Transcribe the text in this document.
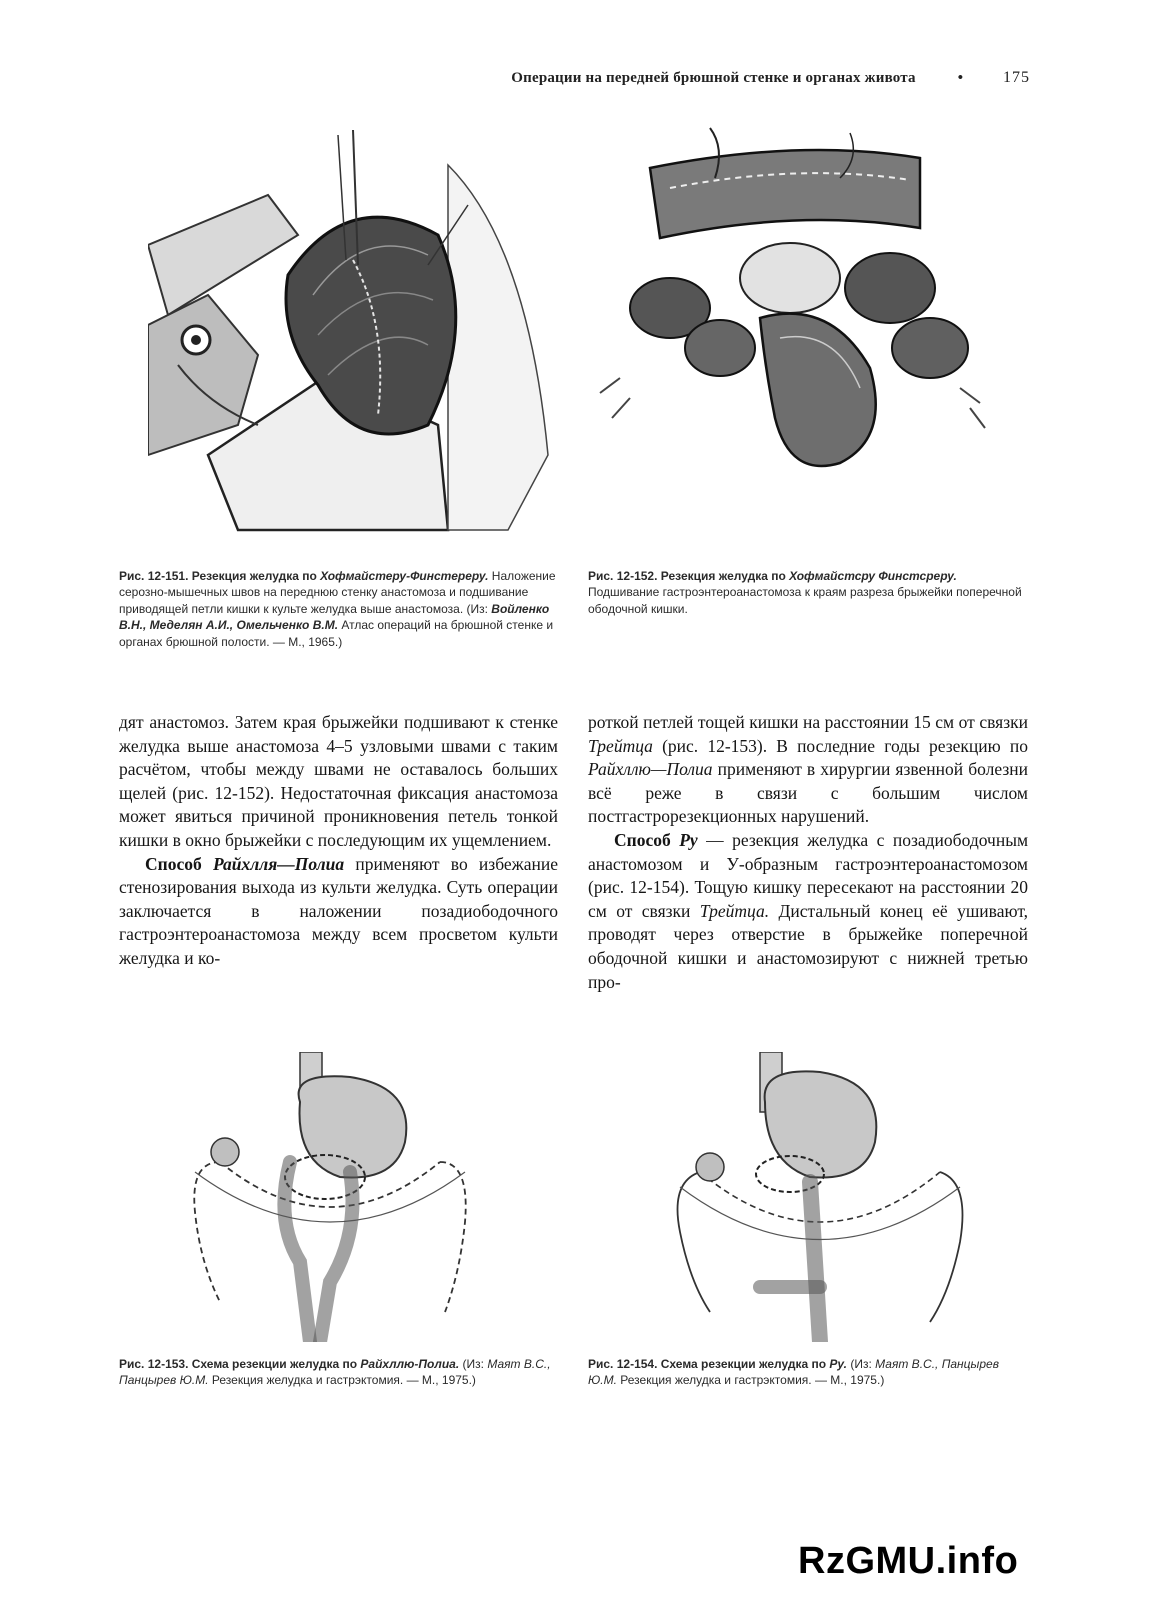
Операции на передней брюшной стенке и органах живота	•	175
Рис. 12-151. Резекция желудка по Хофмайстеру-Финстереру. Наложение серозно-мышечных швов на переднюю стенку анастомоза и подшивание приводящей петли кишки к культе желудка выше анастомоза. (Из: Войленко В.Н., Меделян А.И., Омельченко В.М. Атлас операций на брюшной стенке и органах брюшной полости. — М., 1965.)
Рис. 12-152. Резекция желудка по Хофмайстсру Финстсреру. Подшивание гастроэнтероанастомоза к краям разреза брыжейки поперечной ободочной кишки.

дят анастомоз. Затем края брыжейки подшивают к стенке желудка выше анастомоза 4–5 узловыми швами с таким расчётом, чтобы между швами не оставалось больших щелей (рис. 12-152). Недостаточная фиксация анастомоза может явиться причиной проникновения петель тонкой кишки в окно брыжейки с последующим их ущемлением.

Способ Райхлля—Полиа применяют во избежание стенозирования выхода из культи желудка. Суть операции заключается в наложении позадиободочного гастроэнтероанастомоза между всем просветом культи желудка и ко-

роткой петлей тощей кишки на расстоянии 15 см от связки Трейтца (рис. 12-153). В последние годы резекцию по Райхллю—Полиа применяют в хирургии язвенной болезни всё реже в связи с большим числом постгастрорезекционных нарушений.

Способ Ру — резекция желудка с позадиободочным анастомозом и У-образным гастроэнтероанастомозом (рис. 12-154). Тощую кишку пересекают на расстоянии 20 см от связки Трейтца. Дистальный конец её ушивают, проводят через отверстие в брыжейке поперечной ободочной кишки и анастомозируют с нижней третью про-

Рис. 12-153. Схема резекции желудка по Райхллю-Полиа. (Из: Маят В.С., Панцырев Ю.М. Резекция желудка и гастрэктомия. — М., 1975.)
Рис. 12-154. Схема резекции желудка по Ру. (Из: Маят В.С., Панцырев Ю.М. Резекция желудка и гастрэктомия. — М., 1975.)
RzGMU.info
